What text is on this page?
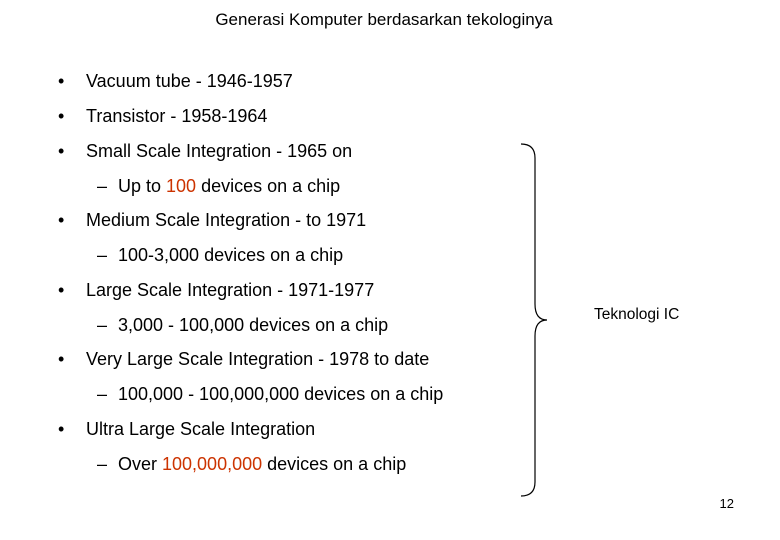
Generasi Komputer berdasarkan tekologinya
• Vacuum tube - 1946-1957
• Transistor - 1958-1964
• Small Scale Integration - 1965 on
– Up to 100 devices on a chip
• Medium Scale Integration - to 1971
– 100-3,000 devices on a chip
• Large Scale Integration - 1971-1977
– 3,000 - 100,000 devices on a chip
• Very Large Scale Integration - 1978 to date
– 100,000 - 100,000,000 devices on a chip
• Ultra Large Scale Integration
– Over 100,000,000 devices on a chip
Teknologi IC
12
